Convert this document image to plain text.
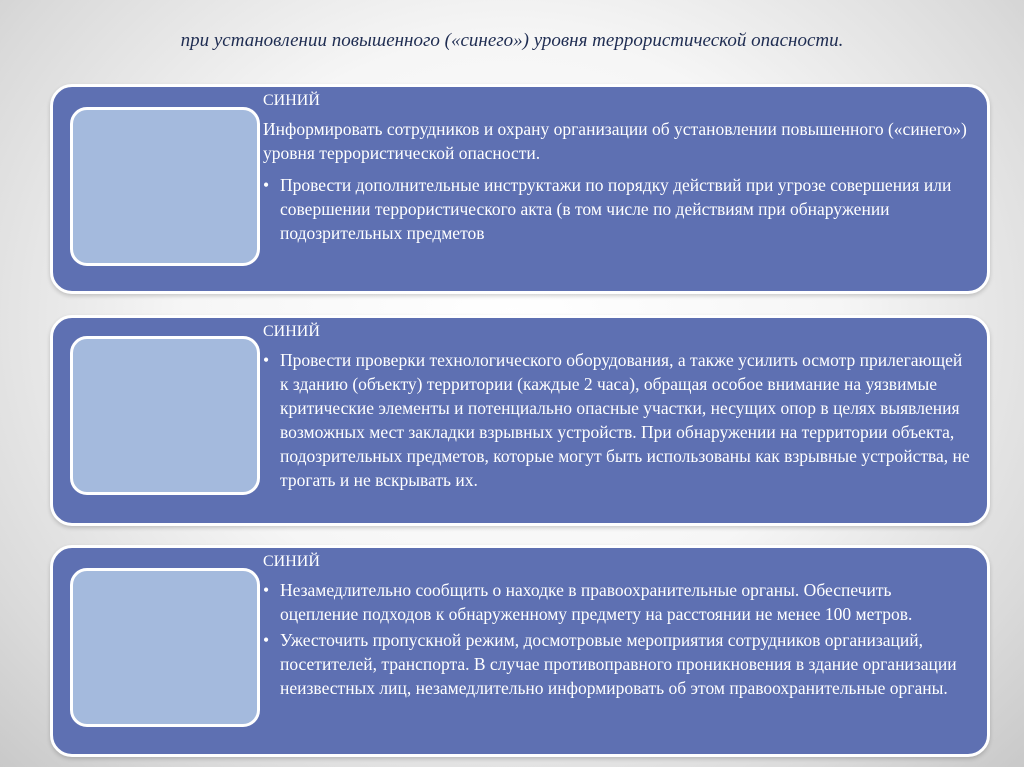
при установлении повышенного («синего») уровня террористической опасности.
СИНИЙ

Информировать сотрудников и охрану организации об установлении повышенного («синего») уровня террористической опасности.

• Провести дополнительные инструктажи по порядку действий при угрозе совершения или совершении террористического акта (в том числе по действиям при обнаружении подозрительных предметов
СИНИЙ
• Провести проверки технологического оборудования, а также усилить осмотр прилегающей к зданию (объекту) территории (каждые 2 часа), обращая особое внимание на уязвимые критические элементы и потенциально опасные участки, несущих опор в целях выявления возможных мест закладки взрывных устройств. При обнаружении на территории объекта, подозрительных предметов, которые могут быть использованы как взрывные устройства, не трогать и не вскрывать их.
СИНИЙ
• Незамедлительно сообщить о находке в правоохранительные органы. Обеспечить оцепление подходов к обнаруженному предмету на расстоянии не менее 100 метров.
• Ужесточить пропускной режим, досмотровые мероприятия сотрудников организаций, посетителей, транспорта. В случае противоправного проникновения в здание организации неизвестных лиц, незамедлительно информировать об этом правоохранительные органы.
